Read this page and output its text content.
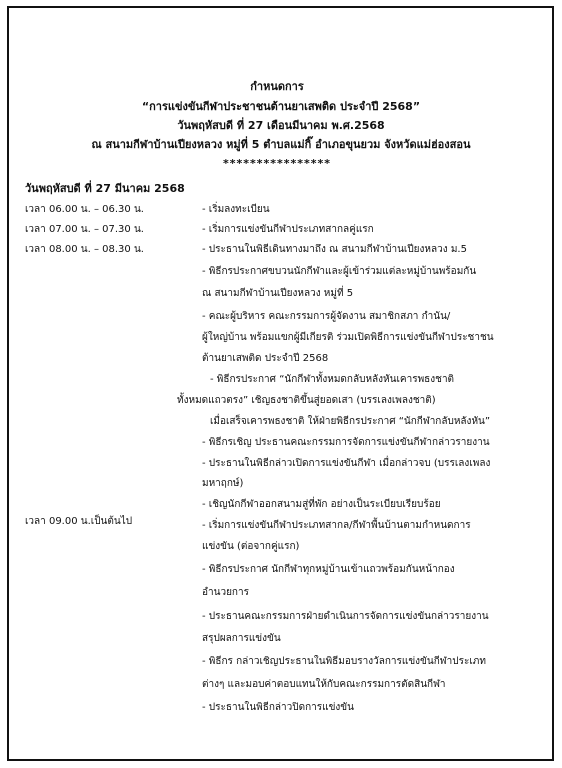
กำหนดการ
“การแข่งขันกีฬาประชาชนต้านยาเสพติด ประจำปี 2568”
วันพฤหัสบดี ที่ 27 เดือนมีนาคม พ.ศ.2568
ณ สนามกีฬาบ้านเปียงหลวง หมู่ที่ 5 ตำบลแม่กิ๊ อำเภอขุนยวม จังหวัดแม่ฮ่องสอน
****************
วันพฤหัสบดี ที่ 27 มีนาคม 2568
เวลา 06.00 น. – 06.30 น.
เวลา 07.00 น. – 07.30 น.
เวลา 08.00 น. – 08.30 น.
เวลา 09.00 น.เป็นต้นไป
- เริ่มลงทะเบียน
- เริ่มการแข่งขันกีฬาประเภทสากลคู่แรก
- ประธานในพิธีเดินทางมาถึง ณ สนามกีฬาบ้านเปียงหลวง ม.5
- พิธีกรประกาศขบวนนักกีฬาและผู้เข้าร่วมแต่ละหมู่บ้านพร้อมกัน
ณ สนามกีฬาบ้านเปียงหลวง หมู่ที่ 5
- คณะผู้บริหาร คณะกรรมการผู้จัดงาน สมาชิกสภา กำนัน/
ผู้ใหญ่บ้าน พร้อมแขกผู้มีเกียรติ ร่วมเปิดพิธีการแข่งขันกีฬาประชาชน
ต้านยาเสพติด ประจำปี 2568
- พิธีกรประกาศ “นักกีฬาทั้งหมดกลับหลังหันเคารพธงชาติ
ทั้งหมดแถวตรง” เชิญธงชาติขึ้นสู่ยอดเสา (บรรเลงเพลงชาติ)
เมื่อเสร็จเคารพธงชาติ ให้ฝ่ายพิธีกรประกาศ “นักกีฬากลับหลังหัน”
- พิธีกรเชิญ ประธานคณะกรรมการจัดการแข่งขันกีฬากล่าวรายงาน
- ประธานในพิธีกล่าวเปิดการแข่งขันกีฬา เมื่อกล่าวจบ (บรรเลงเพลง
มหาฤกษ์)
- เชิญนักกีฬาออกสนามสู่ที่พัก อย่างเป็นระเบียบเรียบร้อย
- เริ่มการแข่งขันกีฬาประเภทสากล/กีฬาพื้นบ้านตามกำหนดการ
แข่งขัน (ต่อจากคู่แรก)
- พิธีกรประกาศ นักกีฬาทุกหมู่บ้านเข้าแถวพร้อมกันหน้ากอง
อำนวยการ
- ประธานคณะกรรมการฝ่ายดำเนินการจัดการแข่งขันกล่าวรายงาน
สรุปผลการแข่งขัน
- พิธีกร กล่าวเชิญประธานในพิธีมอบรางวัลการแข่งขันกีฬาประเภท
ต่างๆ และมอบค่าตอบแทนให้กับคณะกรรมการตัดสินกีฬา
- ประธานในพิธีกล่าวปิดการแข่งขัน
